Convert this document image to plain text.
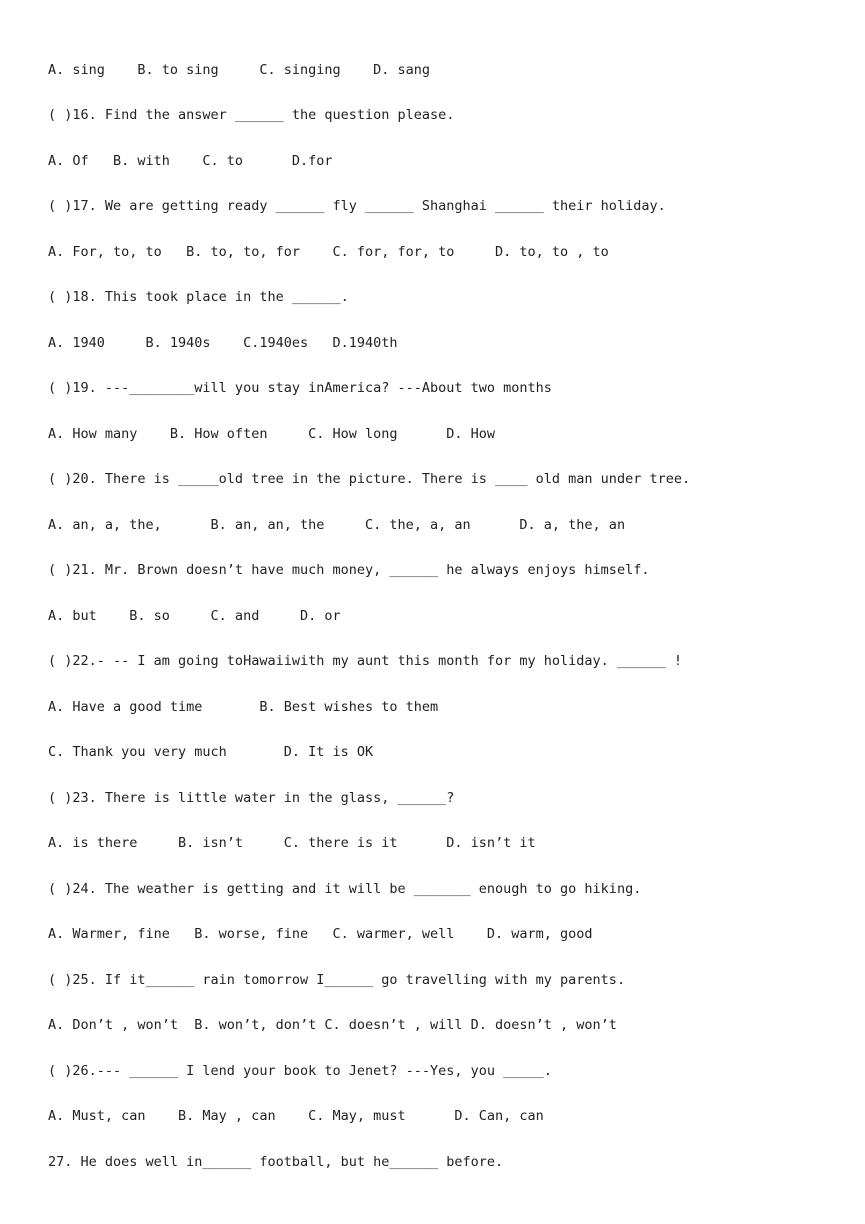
A. sing    B. to sing     C. singing    D. sang
( )16. Find the answer ______ the question please.
A. Of   B. with    C. to      D.for
( )17. We are getting ready ______ fly ______ Shanghai ______ their holiday.
A. For, to, to   B. to, to, for    C. for, for, to     D. to, to , to
( )18. This took place in the ______.
A. 1940     B. 1940s    C.1940es   D.1940th
( )19. ---________will you stay inAmerica? ---About two months
A. How many    B. How often     C. How long      D. How
( )20. There is _____old tree in the picture. There is ____ old man under tree.
A. an, a, the,      B. an, an, the     C. the, a, an      D. a, the, an
( )21. Mr. Brown doesn’t have much money, ______ he always enjoys himself.
A. but    B. so     C. and     D. or
( )22.- -- I am going toHawaiiwith my aunt this month for my holiday. ______ !
A. Have a good time       B. Best wishes to them
C. Thank you very much       D. It is OK
( )23. There is little water in the glass, ______?
A. is there     B. isn’t     C. there is it      D. isn’t it
( )24. The weather is getting and it will be _______ enough to go hiking.
A. Warmer, fine   B. worse, fine   C. warmer, well    D. warm, good
( )25. If it______ rain tomorrow I______ go travelling with my parents.
A. Don’t , won’t  B. won’t, don’t C. doesn’t , will D. doesn’t , won’t
( )26.--- ______ I lend your book to Jenet? ---Yes, you _____.
A. Must, can    B. May , can    C. May, must      D. Can, can
27. He does well in______ football, but he______ before.
